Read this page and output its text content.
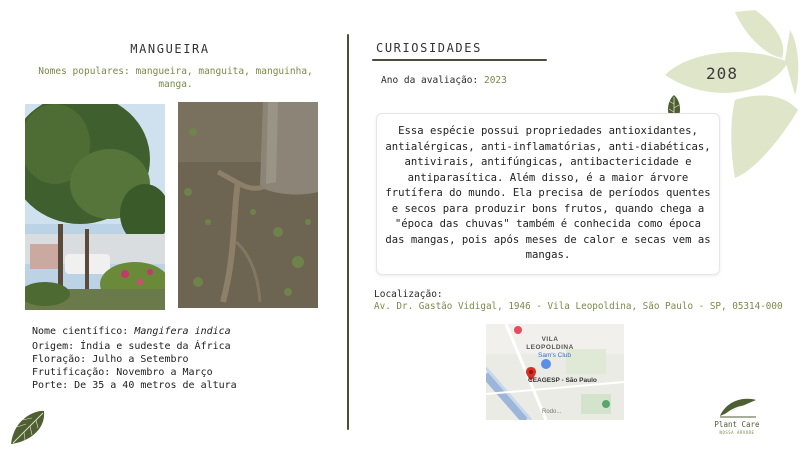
208
MANGUEIRA
Nomes populares: mangueira, manguita, manguinha, manga.
Nome científico: Mangifera indica
Origem: Índia e sudeste da África
Floração: Julho a Setembro
Frutificação: Novembro a Março
Porte: De 35 a 40 metros de altura
CURIOSIDADES
Ano da avaliação: 2023

Essa espécie possui propriedades antioxidantes, antialérgicas, anti-inflamatórias, anti-diabéticas, antivirais, antifúngicas, antibactericidade e antiparasítica. Além disso, é a maior árvore frutífera do mundo. Ela precisa de períodos quentes e secos para produzir bons frutos, quando chega a "época das chuvas" também é conhecida como época das mangas, pois após meses de calor e secas vem as mangas.

Localização:
Av. Dr. Gastão Vidigal, 1946 - Vila Leopoldina, São Paulo - SP, 05314-000
VILA LEOPOLDINA
Sam's Club
CEAGESP - São Paulo
Rodo...
Plant Care
NOSSA ÁRVORE
